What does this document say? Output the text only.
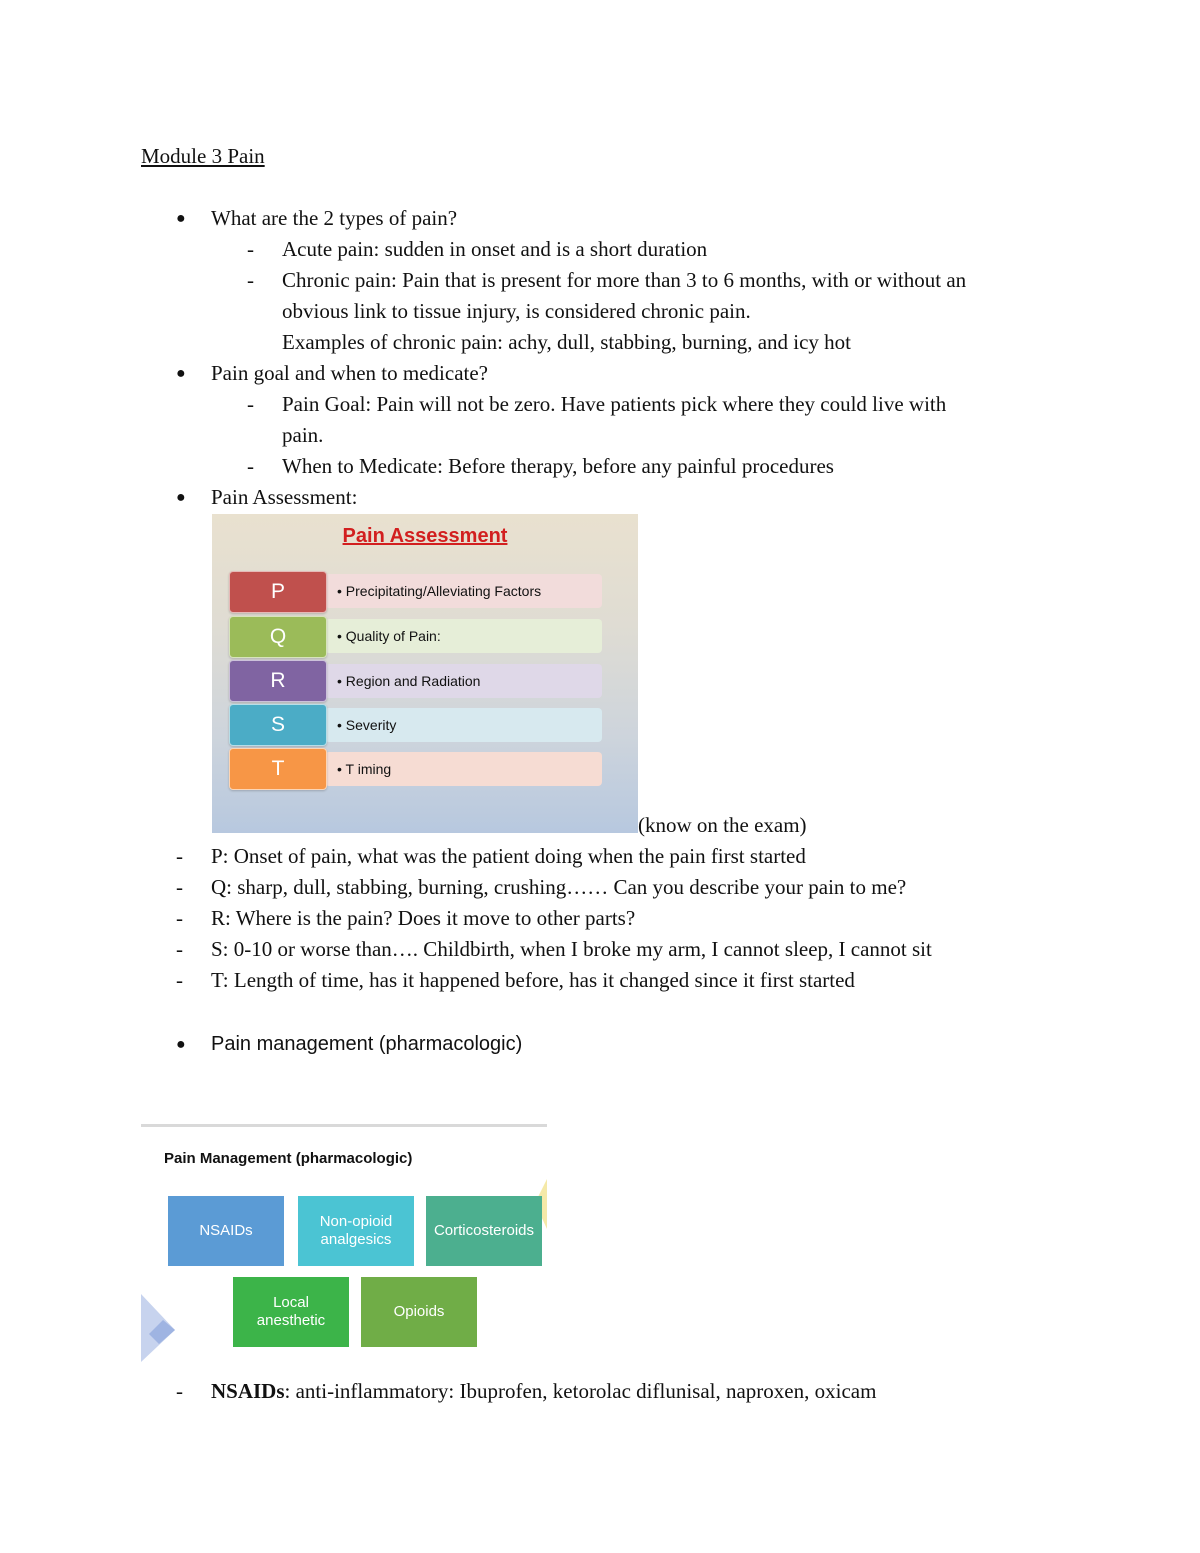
Module 3 Pain
● What are the 2 types of pain?
- Acute pain: sudden in onset and is a short duration
- Chronic pain: Pain that is present for more than 3 to 6 months, with or without an
obvious link to tissue injury, is considered chronic pain.
Examples of chronic pain: achy, dull, stabbing, burning, and icy hot
● Pain goal and when to medicate?
- Pain Goal: Pain will not be zero. Have patients pick where they could live with
pain.
- When to Medicate: Before therapy, before any painful procedures
● Pain Assessment:
Pain Assessment
• Precipitating/Alleviating Factors
P
• Quality of Pain:
Q
• Region and Radiation
R
• Severity
S
• T iming
T
(know on the exam)
- P: Onset of pain, what was the patient doing when the pain first started
- Q: sharp, dull, stabbing, burning, crushing…… Can you describe your pain to me?
- R: Where is the pain? Does it move to other parts?
- S: 0-10 or worse than…. Childbirth, when I broke my arm, I cannot sleep, I cannot sit
- T: Length of time, has it happened before, has it changed since it first started
● Pain management (pharmacologic)
Pain Management (pharmacologic)
NSAIDs
Non-opioid
analgesics
Corticosteroids
Local
anesthetic
Opioids
- NSAIDs: anti-inflammatory: Ibuprofen, ketorolac diflunisal, naproxen, oxicam
